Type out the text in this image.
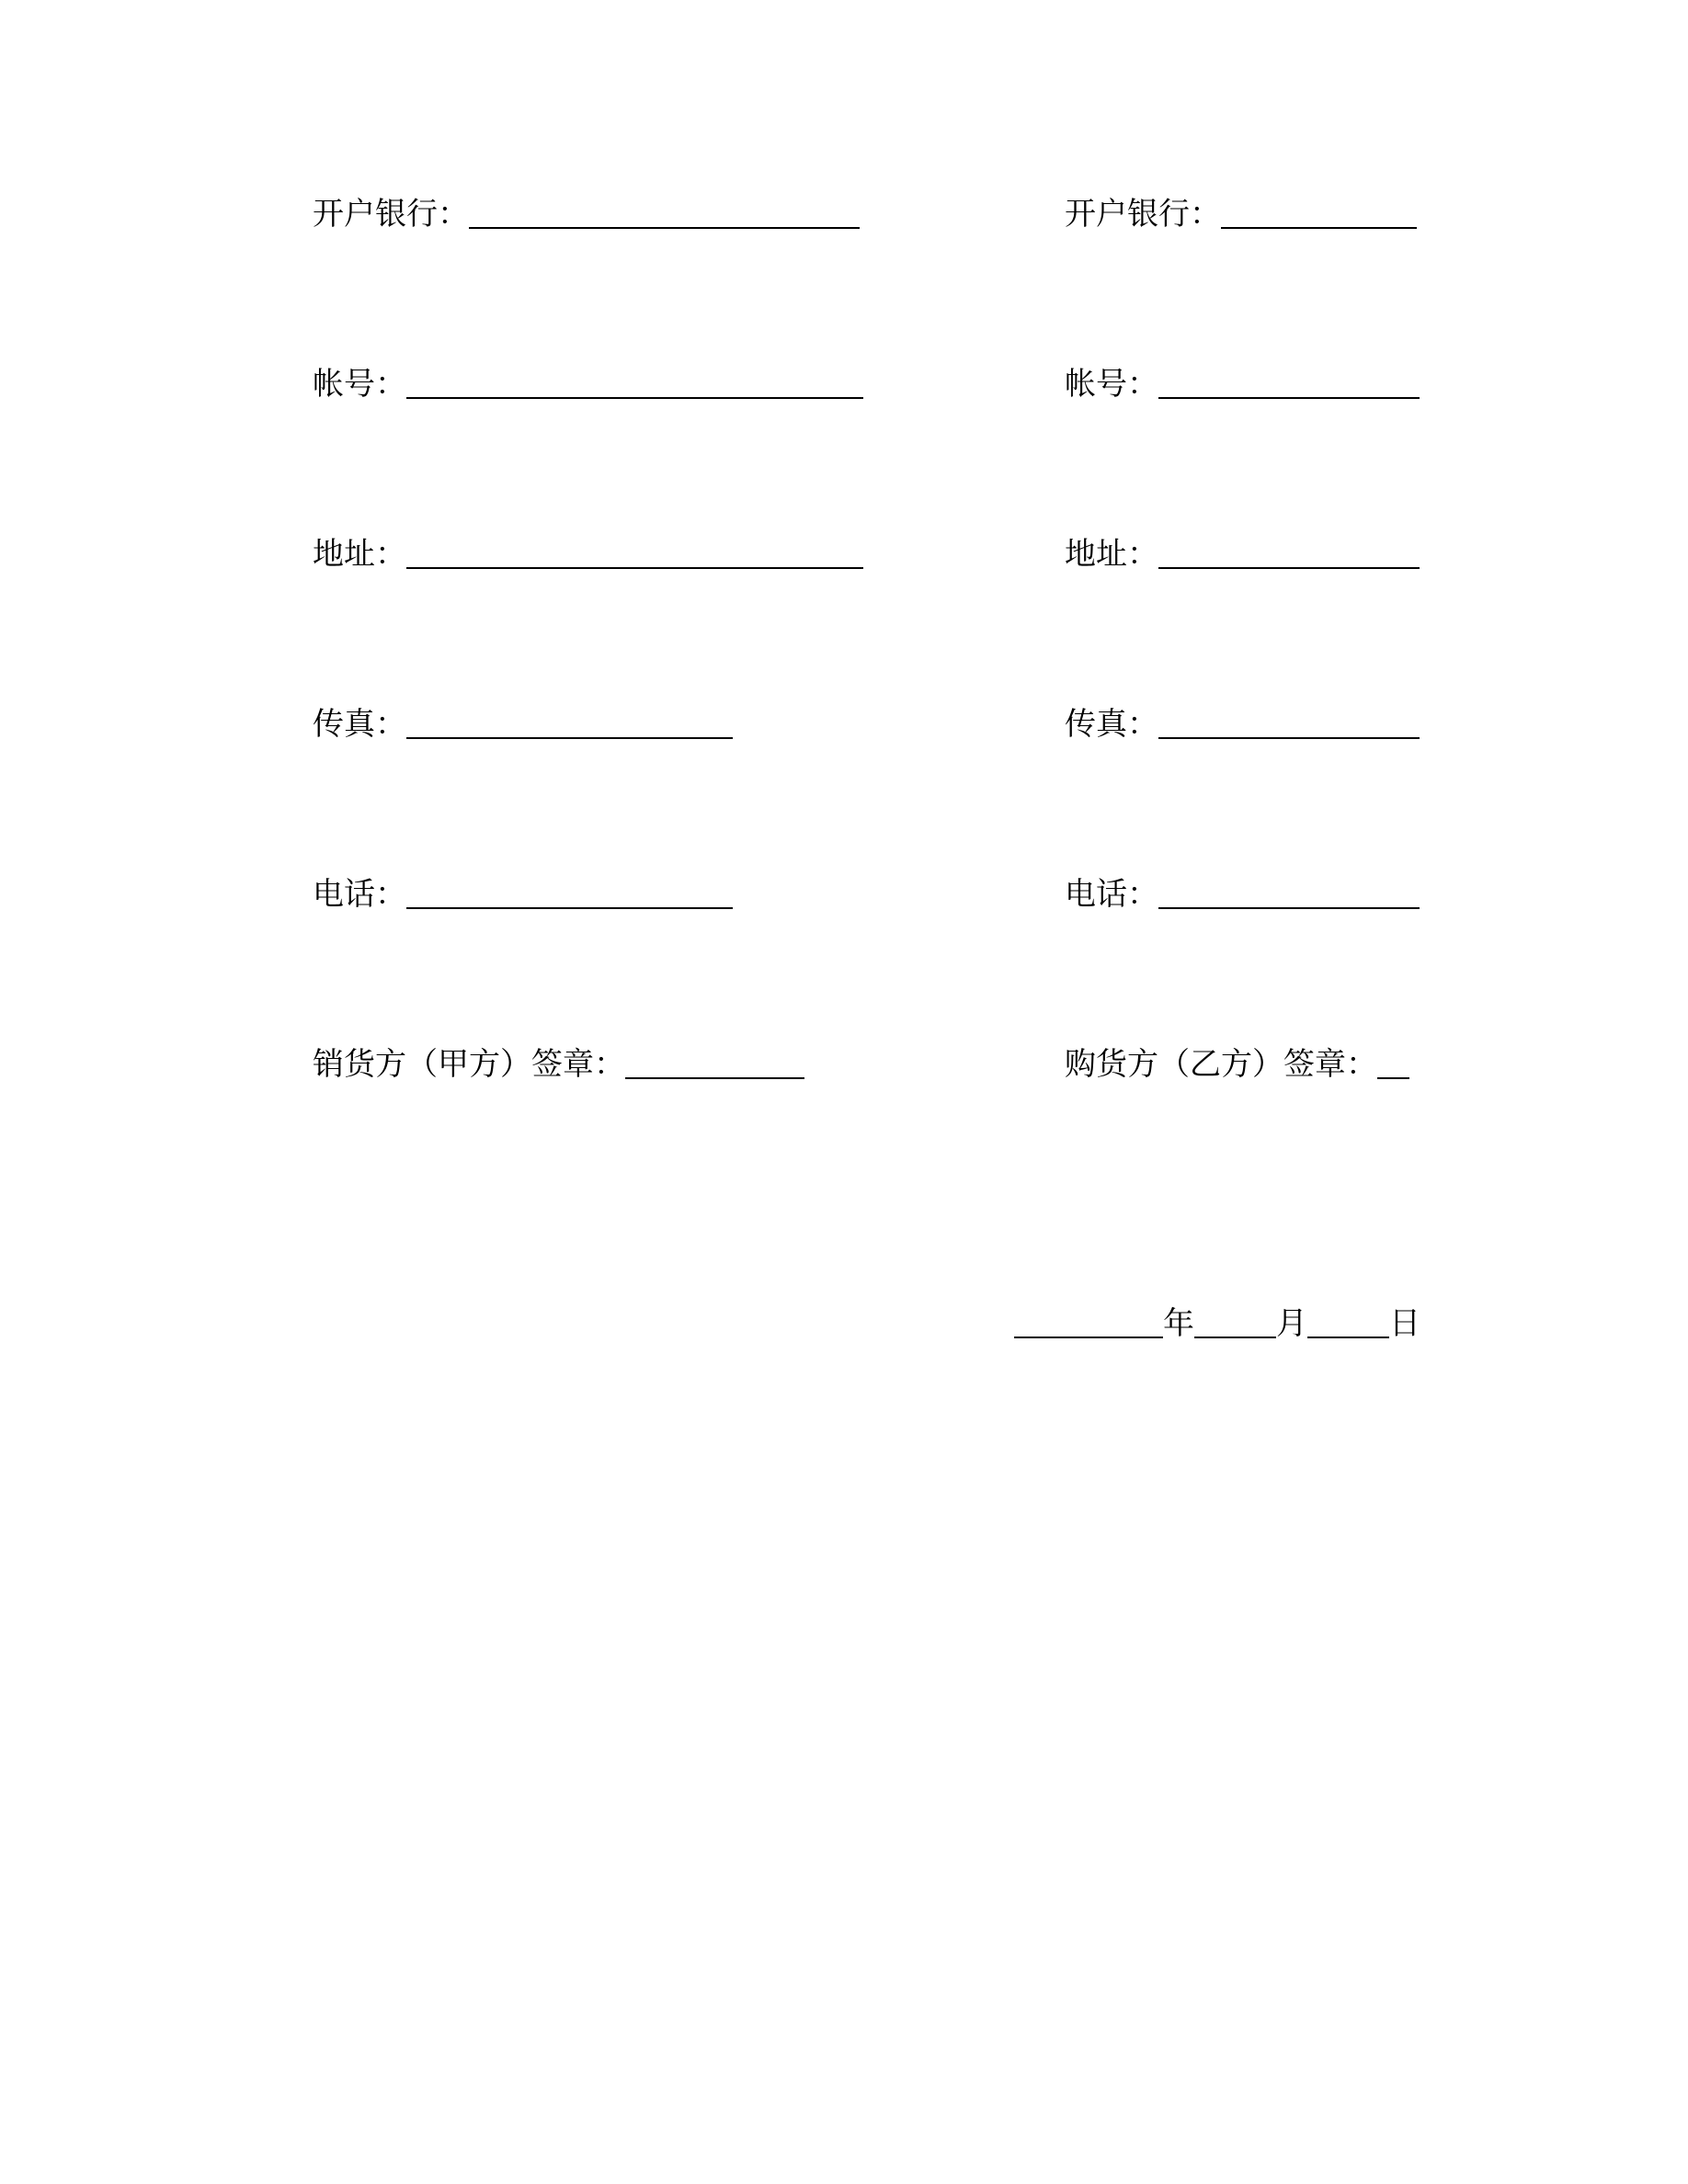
开户银行：
帐号：
地址：
传真：
电话：
销货方（甲方）签章：
开户银行：
帐号：
地址：
传真：
电话：
购货方（乙方）签章：
年	月	日
